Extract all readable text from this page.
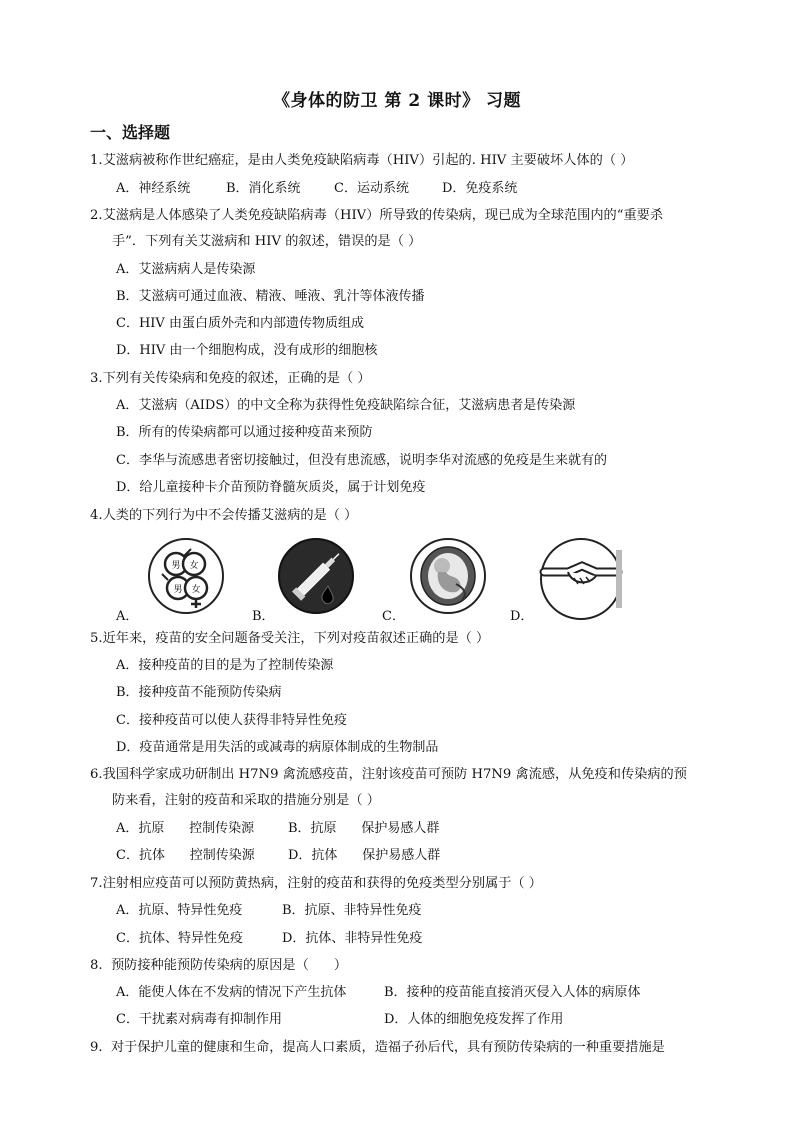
《身体的防卫 第 2 课时》 习题
一、选择题
1.艾滋病被称作世纪癌症，是由人类免疫缺陷病毒（HIV）引起的. HIV 主要破坏人体的（ ）
A．神经系统	B．消化系统	C．运动系统	D．免疫系统
2.艾滋病是人体感染了人类免疫缺陷病毒（HIV）所导致的传染病，现已成为全球范围内的“重要杀
手”．下列有关艾滋病和 HIV 的叙述，错误的是（ ）
A．艾滋病病人是传染源
B．艾滋病可通过血液、精液、唾液、乳汁等体液传播
C．HIV 由蛋白质外壳和内部遗传物质组成
D．HIV 由一个细胞构成，没有成形的细胞核
3.下列有关传染病和免疫的叙述，正确的是（ ）
A．艾滋病（AIDS）的中文全称为获得性免疫缺陷综合征，艾滋病患者是传染源
B．所有的传染病都可以通过接种疫苗来预防
C．李华与流感患者密切接触过，但没有患流感，说明李华对流感的免疫是生来就有的
D．给儿童接种卡介苗预防脊髓灰质炎，属于计划免疫
4.人类的下列行为中不会传播艾滋病的是（ ）
A．
男 女
男 女
B．	C．	D．
5.近年来，疫苗的安全问题备受关注，下列对疫苗叙述正确的是（ ）
A．接种疫苗的目的是为了控制传染源
B．接种疫苗不能预防传染病
C．接种疫苗可以使人获得非特异性免疫
D．疫苗通常是用失活的或减毒的病原体制成的生物制品
6.我国科学家成功研制出 H7N9 禽流感疫苗，注射该疫苗可预防 H7N9 禽流感，从免疫和传染病的预
防来看，注射的疫苗和采取的措施分别是（ ）
A．抗原      控制传染源	B．抗原      保护易感人群
C．抗体      控制传染源	D．抗体      保护易感人群
7.注射相应疫苗可以预防黄热病，注射的疫苗和获得的免疫类型分别属于（ ）
A．抗原、特异性免疫	B．抗原、非特异性免疫
C．抗体、特异性免疫	D．抗体、非特异性免疫
8.  预防接种能预防传染病的原因是（      ）
A．能使人体在不发病的情况下产生抗体	B．接种的疫苗能直接消灭侵入人体的病原体
C．干扰素对病毒有抑制作用	D．人体的细胞免疫发挥了作用
9.  对于保护儿童的健康和生命，提高人口素质，造福子孙后代，具有预防传染病的一种重要措施是
